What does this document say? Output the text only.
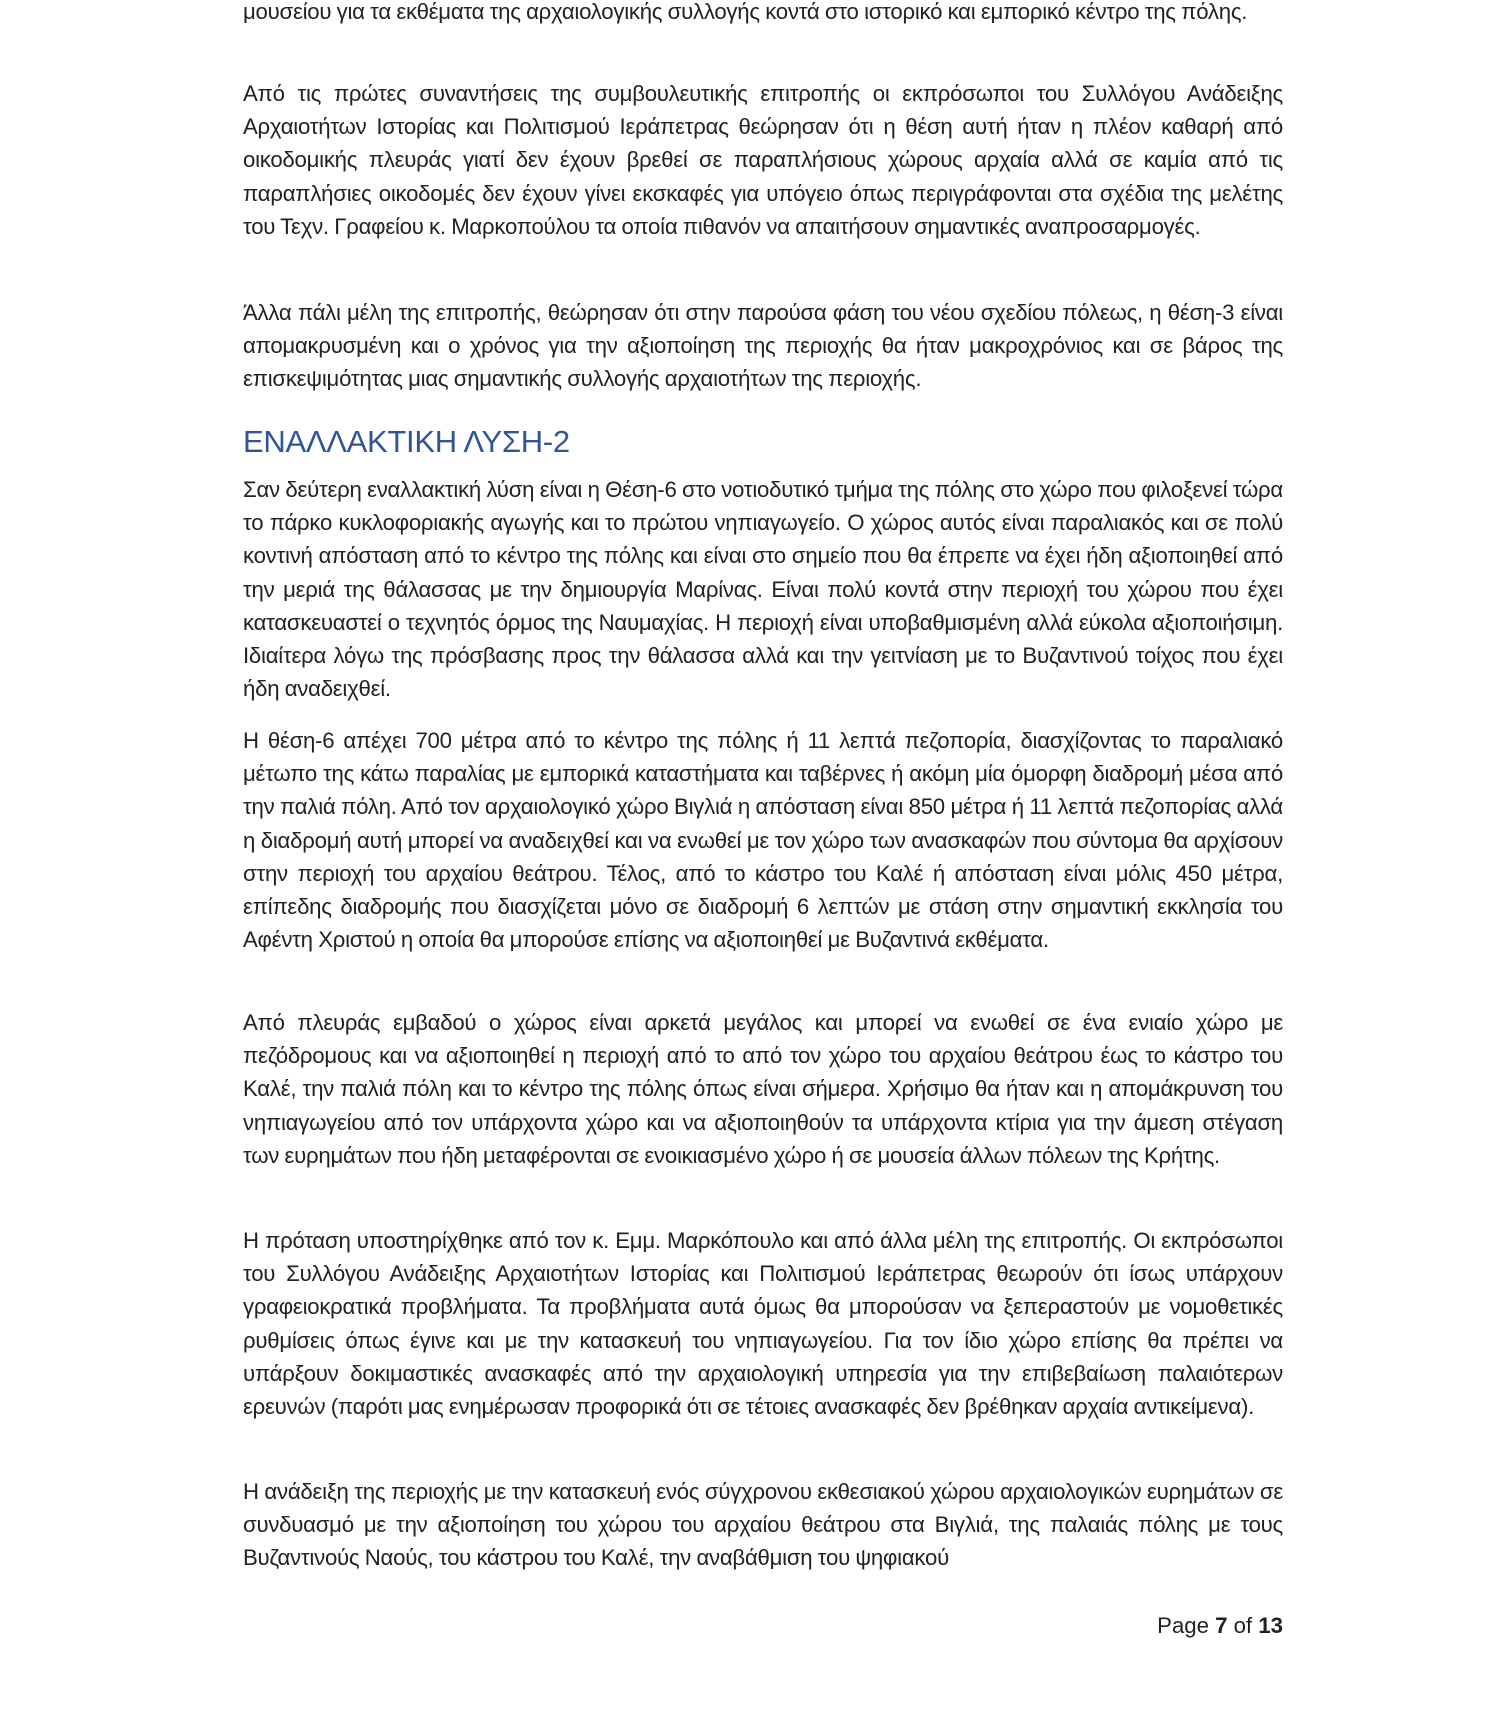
μουσείου για τα εκθέματα της αρχαιολογικής συλλογής κοντά στο ιστορικό και εμπορικό κέντρο της πόλης.

Από τις πρώτες συναντήσεις της συμβουλευτικής επιτροπής οι εκπρόσωποι του Συλλόγου Ανάδειξης Αρχαιοτήτων Ιστορίας και Πολιτισμού Ιεράπετρας θεώρησαν ότι η θέση αυτή ήταν η πλέον καθαρή από οικοδομικής πλευράς γιατί δεν έχουν βρεθεί σε παραπλήσιους χώρους αρχαία αλλά σε καμία από τις παραπλήσιες οικοδομές δεν έχουν γίνει εκσκαφές για υπόγειο όπως περιγράφονται στα σχέδια της μελέτης του Τεχν. Γραφείου κ. Μαρκοπούλου τα οποία πιθανόν να απαιτήσουν σημαντικές αναπροσαρμογές.

Άλλα πάλι μέλη της επιτροπής, θεώρησαν ότι στην παρούσα φάση του νέου σχεδίου πόλεως, η θέση-3 είναι απομακρυσμένη και ο χρόνος για την αξιοποίηση της περιοχής θα ήταν μακροχρόνιος και σε βάρος της επισκεψιμότητας μιας σημαντικής συλλογής αρχαιοτήτων της περιοχής.

ΕΝΑΛΛΑΚΤΙΚΗ ΛΥΣΗ-2

Σαν δεύτερη εναλλακτική λύση είναι η Θέση-6 στο νοτιοδυτικό τμήμα της πόλης στο χώρο που φιλοξενεί τώρα το πάρκο κυκλοφοριακής αγωγής και το πρώτου νηπιαγωγείο. Ο χώρος αυτός είναι παραλιακός και σε πολύ κοντινή απόσταση από το κέντρο της πόλης και είναι στο σημείο που θα έπρεπε να έχει ήδη αξιοποιηθεί από την μεριά της θάλασσας με την δημιουργία Μαρίνας. Είναι πολύ κοντά στην περιοχή του χώρου που έχει κατασκευαστεί ο τεχνητός όρμος της Ναυμαχίας. Η περιοχή είναι υποβαθμισμένη αλλά εύκολα αξιοποιήσιμη. Ιδιαίτερα λόγω της πρόσβασης προς την θάλασσα αλλά και την γειτνίαση με το Βυζαντινού τοίχος που έχει ήδη αναδειχθεί.

Η θέση-6 απέχει 700 μέτρα από το κέντρο της πόλης ή 11 λεπτά πεζοπορία, διασχίζοντας το παραλιακό μέτωπο της κάτω παραλίας με εμπορικά καταστήματα και ταβέρνες ή ακόμη μία όμορφη διαδρομή μέσα από την παλιά πόλη. Από τον αρχαιολογικό χώρο Βιγλιά η απόσταση είναι 850 μέτρα ή 11 λεπτά πεζοπορίας αλλά η διαδρομή αυτή μπορεί να αναδειχθεί και να ενωθεί με τον χώρο των ανασκαφών που σύντομα θα αρχίσουν στην περιοχή του αρχαίου θεάτρου. Τέλος, από το κάστρο του Καλέ ή απόσταση είναι μόλις 450 μέτρα, επίπεδης διαδρομής που διασχίζεται μόνο σε διαδρομή 6 λεπτών με στάση στην σημαντική εκκλησία του Αφέντη Χριστού η οποία θα μπορούσε επίσης να αξιοποιηθεί με Βυζαντινά εκθέματα.

Από πλευράς εμβαδού ο χώρος είναι αρκετά μεγάλος και μπορεί να ενωθεί σε ένα ενιαίο χώρο με πεζόδρομους και να αξιοποιηθεί η περιοχή από το από τον χώρο του αρχαίου θεάτρου έως το κάστρο του Καλέ, την παλιά πόλη και το κέντρο της πόλης όπως είναι σήμερα. Χρήσιμο θα ήταν και η απομάκρυνση του νηπιαγωγείου από τον υπάρχοντα χώρο και να αξιοποιηθούν τα υπάρχοντα κτίρια για την άμεση στέγαση των ευρημάτων που ήδη μεταφέρονται σε ενοικιασμένο χώρο ή σε μουσεία άλλων πόλεων της Κρήτης.

Η πρόταση υποστηρίχθηκε από τον κ. Εμμ. Μαρκόπουλο και από άλλα μέλη της επιτροπής. Οι εκπρόσωποι του Συλλόγου Ανάδειξης Αρχαιοτήτων Ιστορίας και Πολιτισμού Ιεράπετρας θεωρούν ότι ίσως υπάρχουν γραφειοκρατικά προβλήματα. Τα προβλήματα αυτά όμως θα μπορούσαν να ξεπεραστούν με νομοθετικές ρυθμίσεις όπως έγινε και με την κατασκευή του νηπιαγωγείου. Για τον ίδιο χώρο επίσης θα πρέπει να υπάρξουν δοκιμαστικές ανασκαφές από την αρχαιολογική υπηρεσία για την επιβεβαίωση παλαιότερων ερευνών (παρότι μας ενημέρωσαν προφορικά ότι σε τέτοιες ανασκαφές δεν βρέθηκαν αρχαία αντικείμενα).

Η ανάδειξη της περιοχής με την κατασκευή ενός σύγχρονου εκθεσιακού χώρου αρχαιολογικών ευρημάτων σε συνδυασμό με την αξιοποίηση του χώρου του αρχαίου θεάτρου στα Βιγλιά, της παλαιάς πόλης με τους Βυζαντινούς Ναούς, του κάστρου του Καλέ, την αναβάθμιση του ψηφιακού

Page 7 of 13
